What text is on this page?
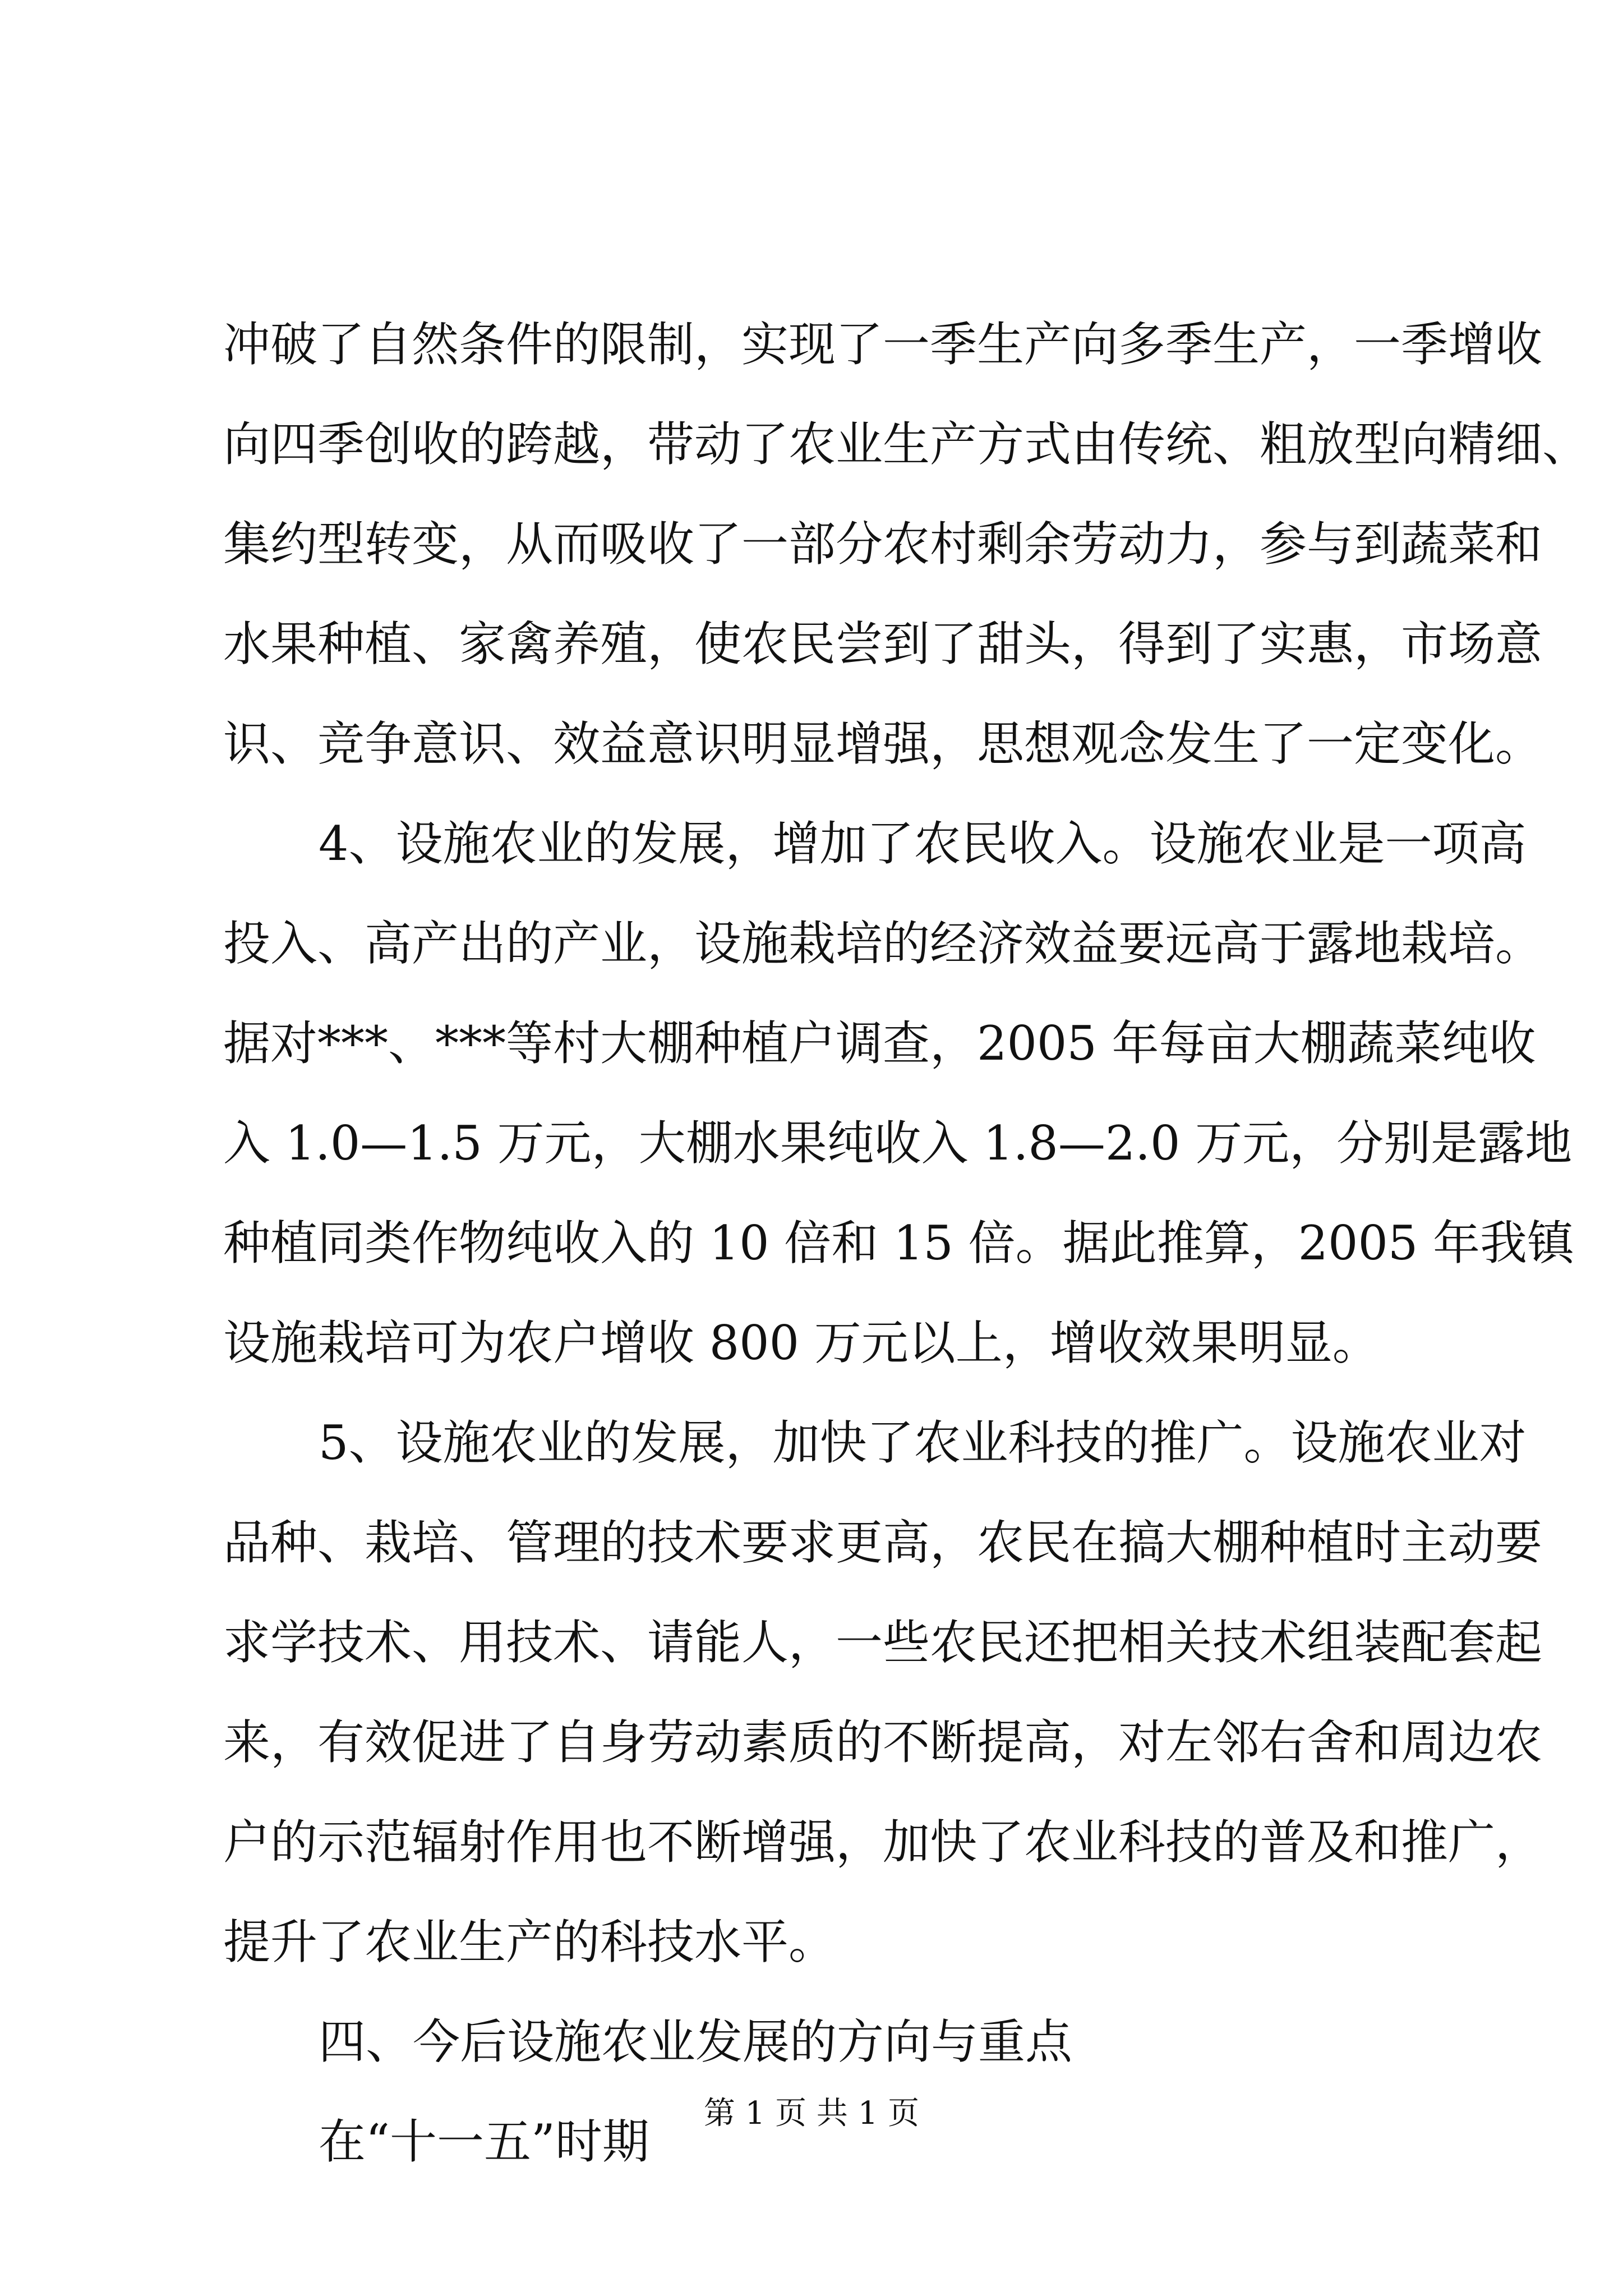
冲破了自然条件的限制，实现了一季生产向多季生产，一季增收
向四季创收的跨越，带动了农业生产方式由传统、粗放型向精细、
集约型转变，从而吸收了一部分农村剩余劳动力，参与到蔬菜和
水果种植、家禽养殖，使农民尝到了甜头，得到了实惠，市场意
识、竞争意识、效益意识明显增强，思想观念发生了一定变化。
4、设施农业的发展，增加了农民收入。设施农业是一项高
投入、高产出的产业，设施栽培的经济效益要远高于露地栽培。
据对***、***等村大棚种植户调查，2005 年每亩大棚蔬菜纯收
入 1.0—1.5 万元，大棚水果纯收入 1.8—2.0 万元，分别是露地
种植同类作物纯收入的 10 倍和 15 倍。据此推算，2005 年我镇
设施栽培可为农户增收 800 万元以上，增收效果明显。
5、设施农业的发展，加快了农业科技的推广。设施农业对
品种、栽培、管理的技术要求更高，农民在搞大棚种植时主动要
求学技术、用技术、请能人，一些农民还把相关技术组装配套起
来，有效促进了自身劳动素质的不断提高，对左邻右舍和周边农
户的示范辐射作用也不断增强，加快了农业科技的普及和推广，
提升了农业生产的科技水平。
四、今后设施农业发展的方向与重点
在“十一五”时期
第 1 页 共 1 页
